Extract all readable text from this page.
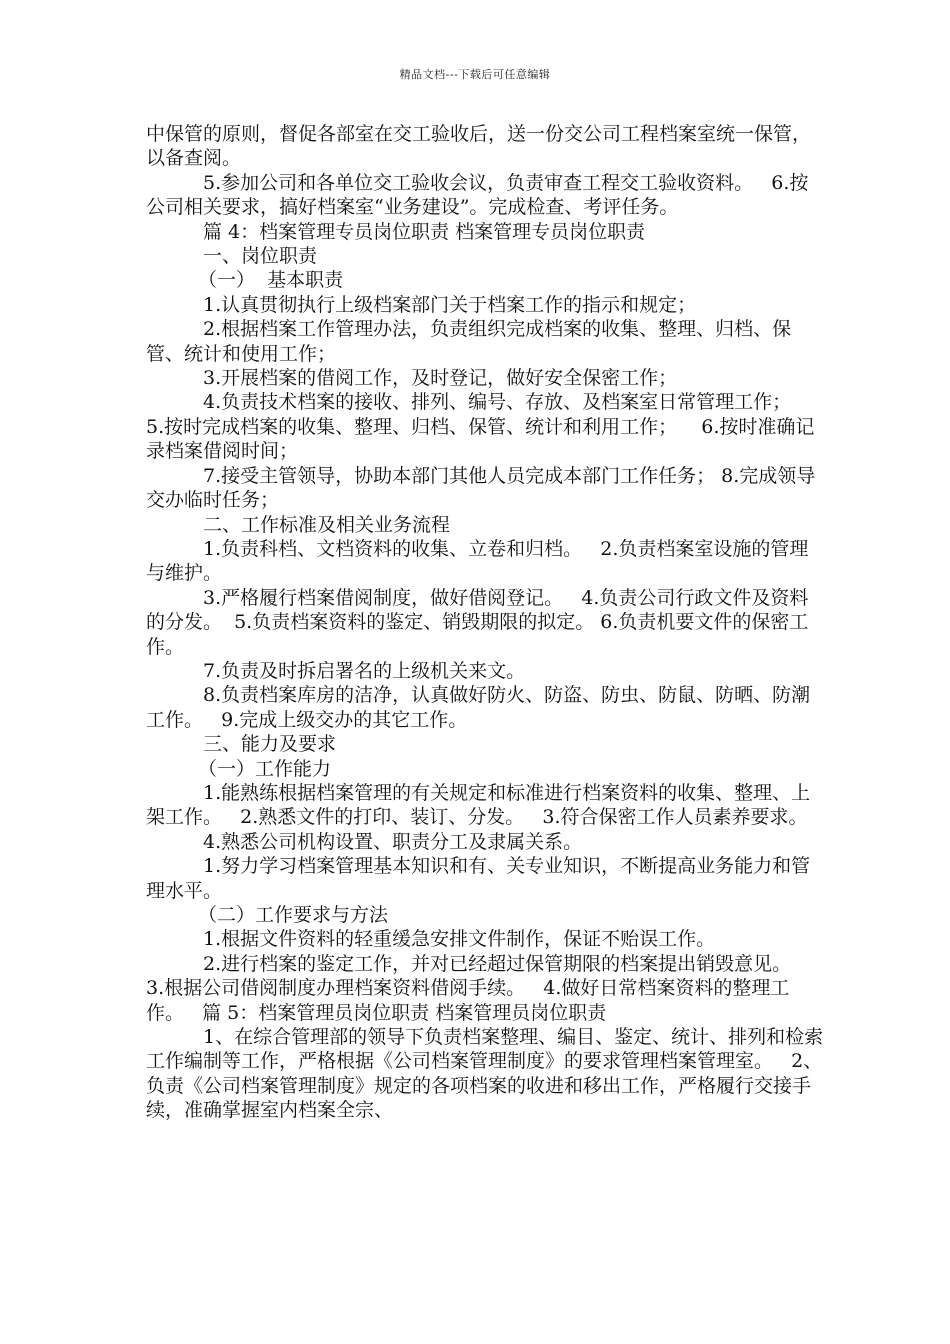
精品文档---下载后可任意编辑

中保管的原则，督促各部室在交工验收后，送一份交公司工程档案室统一保管，以备查阅。

5.参加公司和各单位交工验收会议，负责审查工程交工验收资料。   6.按公司相关要求，搞好档案室“业务建设”。完成检查、考评任务。

篇 4：档案管理专员岗位职责 档案管理专员岗位职责

一、岗位职责

（一）  基本职责

1.认真贯彻执行上级档案部门关于档案工作的指示和规定；

2.根据档案工作管理办法，负责组织完成档案的收集、整理、归档、保管、统计和使用工作；

3.开展档案的借阅工作，及时登记，做好安全保密工作；

4.负责技术档案的接收、排列、编号、存放、及档案室日常管理工作；    5.按时完成档案的收集、整理、归档、保管、统计和利用工作；    6.按时准确记录档案借阅时间；

7.接受主管领导，协助本部门其他人员完成本部门工作任务； 8.完成领导交办临时任务；

二、工作标准及相关业务流程

1.负责科档、文档资料的收集、立卷和归档。   2.负责档案室设施的管理与维护。

3.严格履行档案借阅制度，做好借阅登记。   4.负责公司行政文件及资料的分发。  5.负责档案资料的鉴定、销毁期限的拟定。 6.负责机要文件的保密工作。

7.负责及时拆启署名的上级机关来文。

8.负责档案库房的洁净，认真做好防火、防盗、防虫、防鼠、防晒、防潮工作。   9.完成上级交办的其它工作。

三、能力及要求

（一）工作能力

1.能熟练根据档案管理的有关规定和标准进行档案资料的收集、整理、上架工作。   2.熟悉文件的打印、装订、分发。   3.符合保密工作人员素养要求。

4.熟悉公司机构设置、职责分工及隶属关系。

1.努力学习档案管理基本知识和有、关专业知识，不断提高业务能力和管理水平。

（二）工作要求与方法

1.根据文件资料的轻重缓急安排文件制作，保证不贻误工作。

2.进行档案的鉴定工作，并对已经超过保管期限的档案提出销毁意见。   3.根据公司借阅制度办理档案资料借阅手续。   4.做好日常档案资料的整理工作。   篇 5：档案管理员岗位职责 档案管理员岗位职责

1、在综合管理部的领导下负责档案整理、编目、鉴定、统计、排列和检索工作编制等工作，严格根据《公司档案管理制度》的要求管理档案管理室。   2、负责《公司档案管理制度》规定的各项档案的收进和移出工作，严格履行交接手续，准确掌握室内档案全宗、
